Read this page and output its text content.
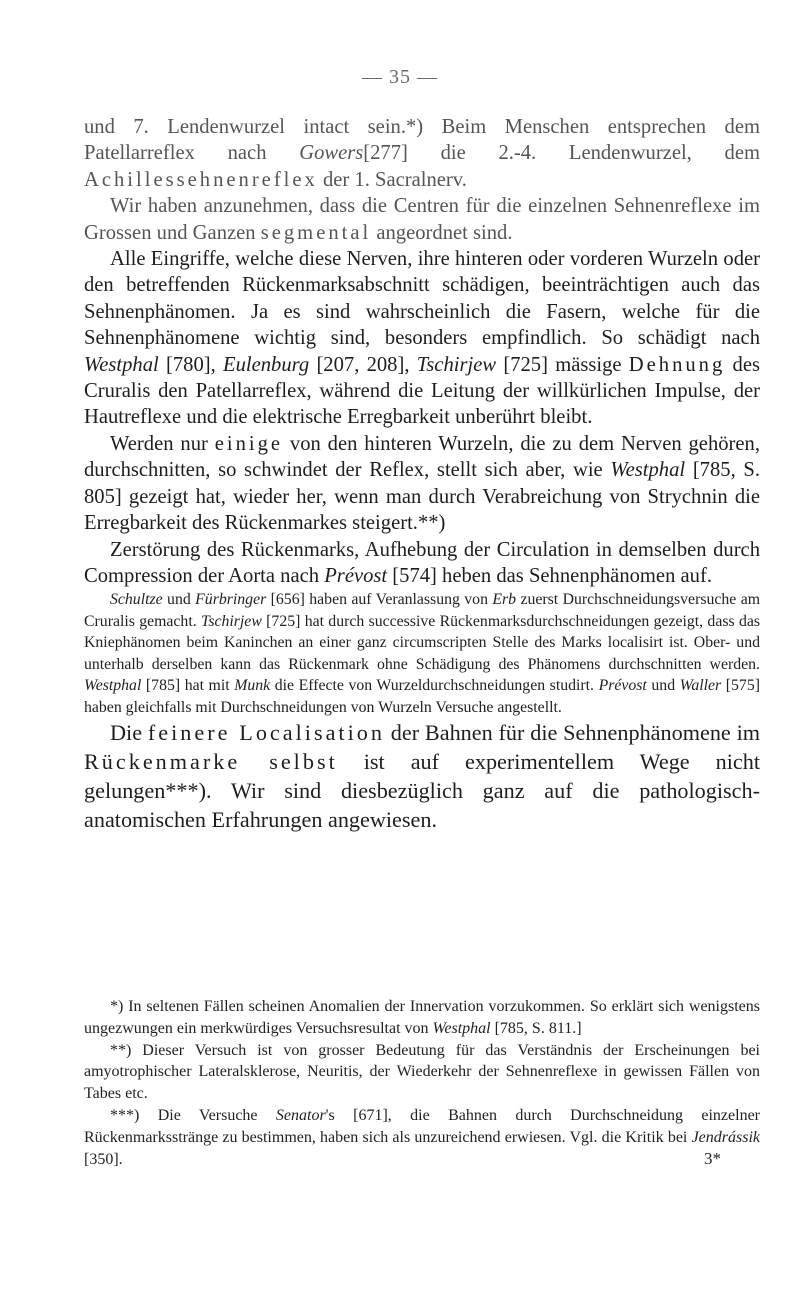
— 35 —

und 7. Lendenwurzel intact sein.*) Beim Menschen entsprechen dem Patellarreflex nach Gowers[277] die 2.-4. Lendenwurzel, dem Achillessehnenreflex der 1. Sacralnerv.

Wir haben anzunehmen, dass die Centren für die einzelnen Sehnenreflexe im Grossen und Ganzen segmental angeordnet sind.

Alle Eingriffe, welche diese Nerven, ihre hinteren oder vorderen Wurzeln oder den betreffenden Rückenmarksabschnitt schädigen, beeinträchtigen auch das Sehnenphänomen. Ja es sind wahrscheinlich die Fasern, welche für die Sehnenphänomene wichtig sind, besonders empfindlich. So schädigt nach Westphal [780], Eulenburg [207, 208], Tschirjew [725] mässige Dehnung des Cruralis den Patellarreflex, während die Leitung der willkürlichen Impulse, der Hautreflexe und die elektrische Erregbarkeit unberührt bleibt.

Werden nur einige von den hinteren Wurzeln, die zu dem Nerven gehören, durchschnitten, so schwindet der Reflex, stellt sich aber, wie Westphal [785, S. 805] gezeigt hat, wieder her, wenn man durch Verabreichung von Strychnin die Erregbarkeit des Rückenmarkes steigert.**)

Zerstörung des Rückenmarks, Aufhebung der Circulation in demselben durch Compression der Aorta nach Prévost [574] heben das Sehnenphänomen auf.

Schultze und Fürbringer [656] haben auf Veranlassung von Erb zuerst Durchschneidungsversuche am Cruralis gemacht. Tschirjew [725] hat durch successive Rückenmarksdurchschneidungen gezeigt, dass das Kniephänomen beim Kaninchen an einer ganz circumscripten Stelle des Marks localisirt ist. Ober- und unterhalb derselben kann das Rückenmark ohne Schädigung des Phänomens durchschnitten werden. Westphal [785] hat mit Munk die Effecte von Wurzeldurchschneidungen studirt. Prévost und Waller [575] haben gleichfalls mit Durchschneidungen von Wurzeln Versuche angestellt.

Die feinere Localisation der Bahnen für die Sehnenphänomene im Rückenmarke selbst ist auf experimentellem Wege nicht gelungen***). Wir sind diesbezüglich ganz auf die pathologisch-anatomischen Erfahrungen angewiesen.

*) In seltenen Fällen scheinen Anomalien der Innervation vorzukommen. So erklärt sich wenigstens ungezwungen ein merkwürdiges Versuchsresultat von Westphal [785, S. 811.]

**) Dieser Versuch ist von grosser Bedeutung für das Verständnis der Erscheinungen bei amyotrophischer Lateralsklerose, Neuritis, der Wiederkehr der Sehnenreflexe in gewissen Fällen von Tabes etc.

***) Die Versuche Senator's [671], die Bahnen durch Durchschneidung einzelner Rückenmarksstränge zu bestimmen, haben sich als unzureichend erwiesen. Vgl. die Kritik bei Jendrássik [350].	3*
